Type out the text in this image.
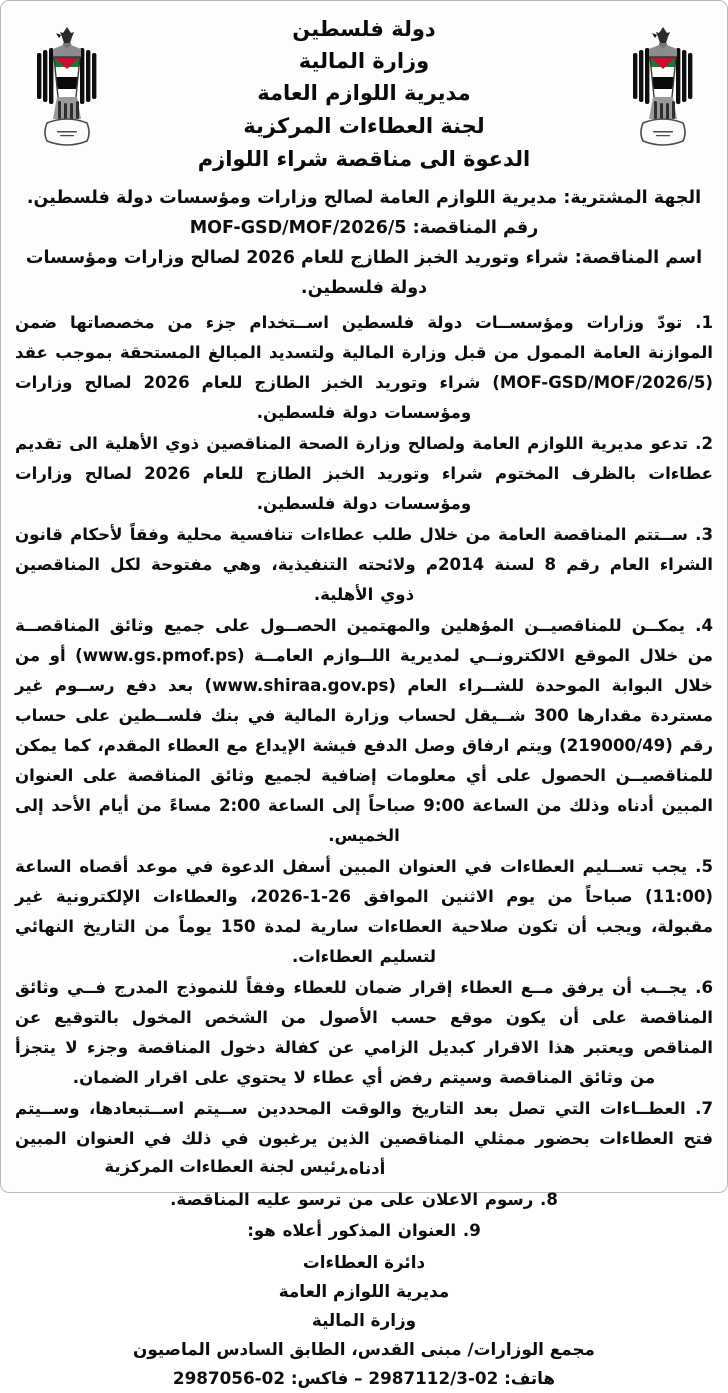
دولة فلسطين
وزارة المالية
مديرية اللوازم العامة
لجنة العطاءات المركزية
الدعوة الى مناقصة شراء اللوازم
الجهة المشترية: مديرية اللوازم العامة لصالح وزارات ومؤسسات دولة فلسطين.
رقم المناقصة: MOF-GSD/MOF/2026/5
اسم المناقصة: شراء وتوريد الخبز الطازج للعام 2026 لصالح وزارات ومؤسسات دولة فلسطين.

1. تودّ وزارات ومؤسســات دولة فلسطين اســتخدام جزء من مخصصاتها ضمن الموازنة العامة الممول من قبل وزارة المالية ولتسديد المبالغ المستحقة بموجب عقد (MOF-GSD/MOF/2026/5) شراء وتوريد الخبز الطازج للعام 2026 لصالح وزارات ومؤسسات دولة فلسطين.

2. تدعو مديرية اللوازم العامة ولصالح وزارة الصحة المناقصين ذوي الأهلية الى تقديم عطاءات بالظرف المختوم شراء وتوريد الخبز الطازج للعام 2026 لصالح وزارات ومؤسسات دولة فلسطين.

3. ســتتم المناقصة العامة من خلال طلب عطاءات تنافسية محلية وفقاً لأحكام قانون الشراء العام رقم 8 لسنة 2014م ولائحته التنفيذية، وهي مفتوحة لكل المناقصين ذوي الأهلية.

4. يمكــن للمناقصيــن المؤهلين والمهتمين الحصــول على جميع وثائق المناقصــة من خلال الموقع الالكترونــي لمديرية اللــوازم العامــة (www.gs.pmof.ps) أو من خلال البوابة الموحدة للشــراء العام (www.shiraa.gov.ps) بعد دفع رســوم غير مستردة مقدارها 300 شــيقل لحساب وزارة المالية في بنك فلســطين على حساب رقم (219000/49) ويتم ارفاق وصل الدفع فيشة الإيداع مع العطاء المقدم، كما يمكن للمناقصيــن الحصول على أي معلومات إضافية لجميع وثائق المناقصة على العنوان المبين أدناه وذلك من الساعة 9:00 صباحاً إلى الساعة 2:00 مساءً من أيام الأحد إلى الخميس.

5. يجب تســليم العطاءات في العنوان المبين أسفل الدعوة في موعد أقصاه الساعة (11:00) صباحاً من يوم الاثنين الموافق 26-1-2026، والعطاءات الإلكترونية غير مقبولة، ويجب أن تكون صلاحية العطاءات سارية لمدة 150 يوماً من التاريخ النهائي لتسليم العطاءات.

6. يجــب أن يرفق مــع العطاء إقرار ضمان للعطاء وفقاً للنموذج المدرج فــي وثائق المناقصة على أن يكون موقع حسب الأصول من الشخص المخول بالتوقيع عن المناقص ويعتبر هذا الاقرار كبديل الزامي عن كفالة دخول المناقصة وجزء لا يتجزأ من وثائق المناقصة وسيتم رفض أي عطاء لا يحتوي على اقرار الضمان.

7. العطــاءات التي تصل بعد التاريخ والوقت المحددين ســيتم اســتبعادها، وســيتم فتح العطاءات بحضور ممثلي المناقصين الذين يرغبون في ذلك في العنوان المبين أدناه.

8. رسوم الاعلان على من ترسو عليه المناقصة.

9. العنوان المذكور أعلاه هو:

دائرة العطاءات
مديرية اللوازم العامة
وزارة المالية
مجمع الوزارات/ مبنى القدس، الطابق السادس الماصيون
هاتف: 02-2987112/3 – فاكس: 02-2987056
رئيس لجنة العطاءات المركزية
